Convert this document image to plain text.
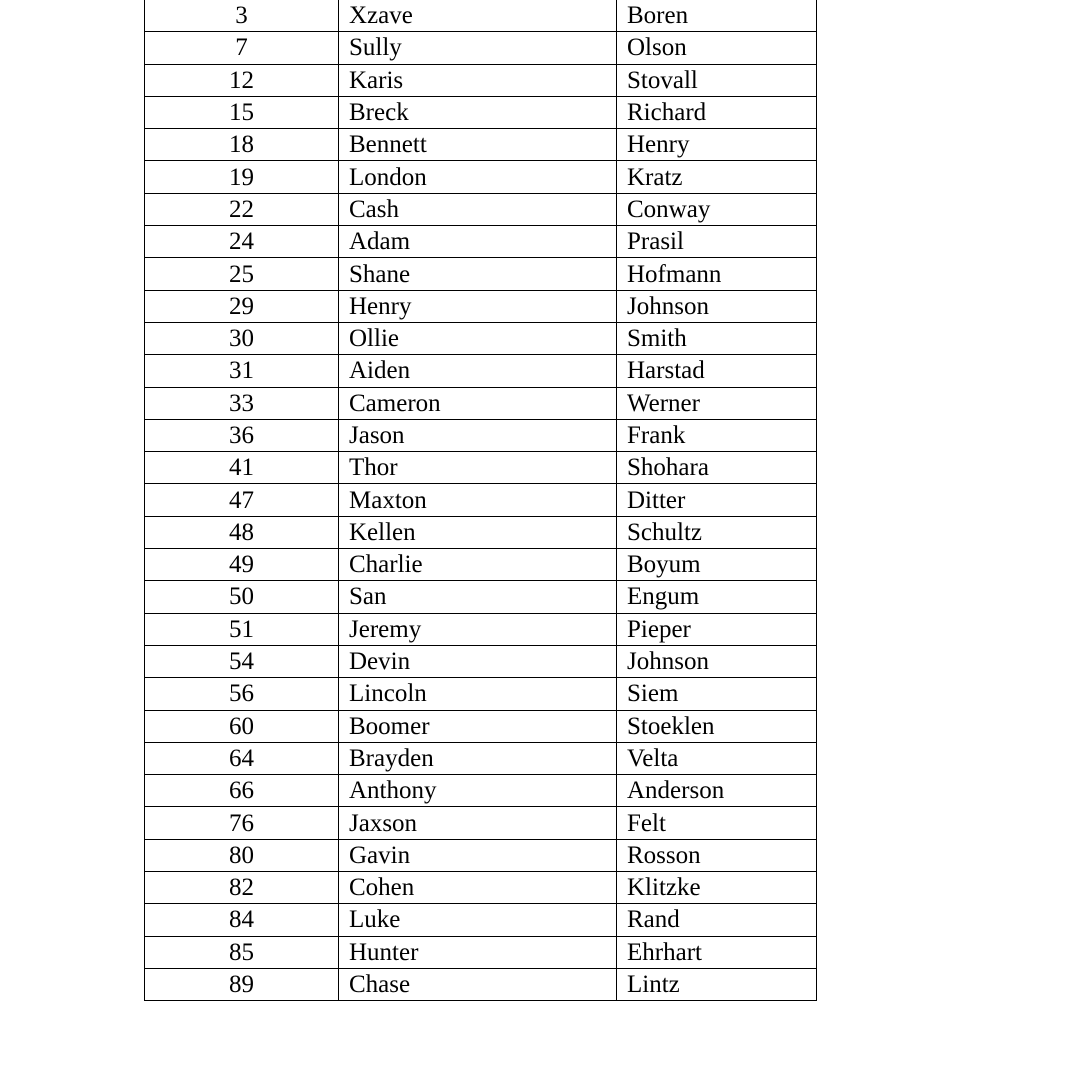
3	Xzave	Boren
7	Sully	Olson
12	Karis	Stovall
15	Breck	Richard
18	Bennett	Henry
19	London	Kratz
22	Cash	Conway
24	Adam	Prasil
25	Shane	Hofmann
29	Henry	Johnson
30	Ollie	Smith
31	Aiden	Harstad
33	Cameron	Werner
36	Jason	Frank
41	Thor	Shohara
47	Maxton	Ditter
48	Kellen	Schultz
49	Charlie	Boyum
50	San	Engum
51	Jeremy	Pieper
54	Devin	Johnson
56	Lincoln	Siem
60	Boomer	Stoeklen
64	Brayden	Velta
66	Anthony	Anderson
76	Jaxson	Felt
80	Gavin	Rosson
82	Cohen	Klitzke
84	Luke	Rand
85	Hunter	Ehrhart
89	Chase	Lintz
